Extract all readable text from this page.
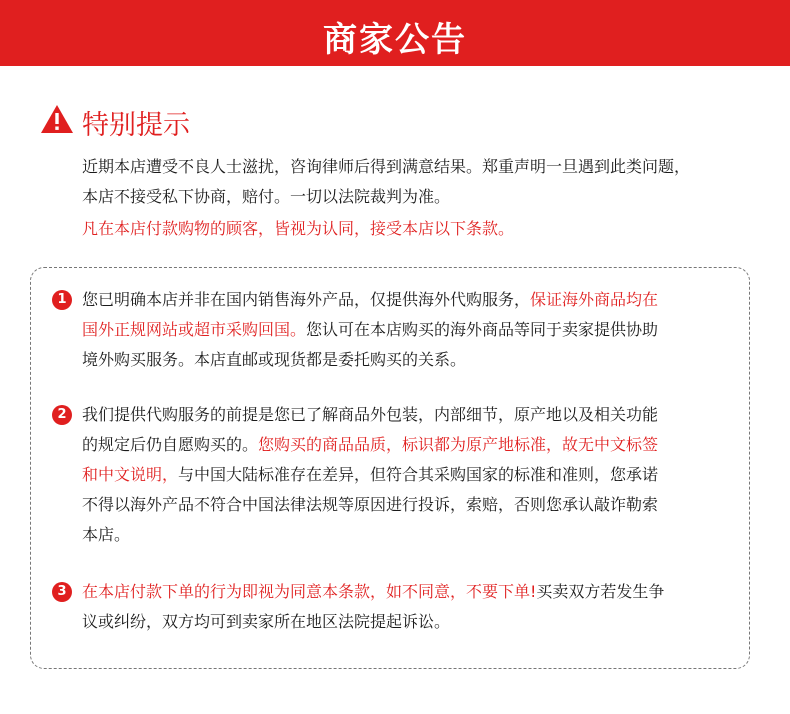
商家公告
特别提示

近期本店遭受不良人士滋扰，咨询律师后得到满意结果。郑重声明一旦遇到此类问题，

本店不接受私下协商，赔付。一切以法院裁判为准。

凡在本店付款购物的顾客，皆视为认同，接受本店以下条款。

1 您已明确本店并非在国内销售海外产品，仅提供海外代购服务，保证海外商品均在

国外正规网站或超市采购回国。您认可在本店购买的海外商品等同于卖家提供协助

境外购买服务。本店直邮或现货都是委托购买的关系。

2 我们提供代购服务的前提是您已了解商品外包装，内部细节，原产地以及相关功能

的规定后仍自愿购买的。您购买的商品品质，标识都为原产地标准，故无中文标签

和中文说明，与中国大陆标准存在差异，但符合其采购国家的标准和准则，您承诺

不得以海外产品不符合中国法律法规等原因进行投诉，索赔，否则您承认敲诈勒索

本店。

3 在本店付款下单的行为即视为同意本条款，如不同意，不要下单!买卖双方若发生争

议或纠纷，双方均可到卖家所在地区法院提起诉讼。
